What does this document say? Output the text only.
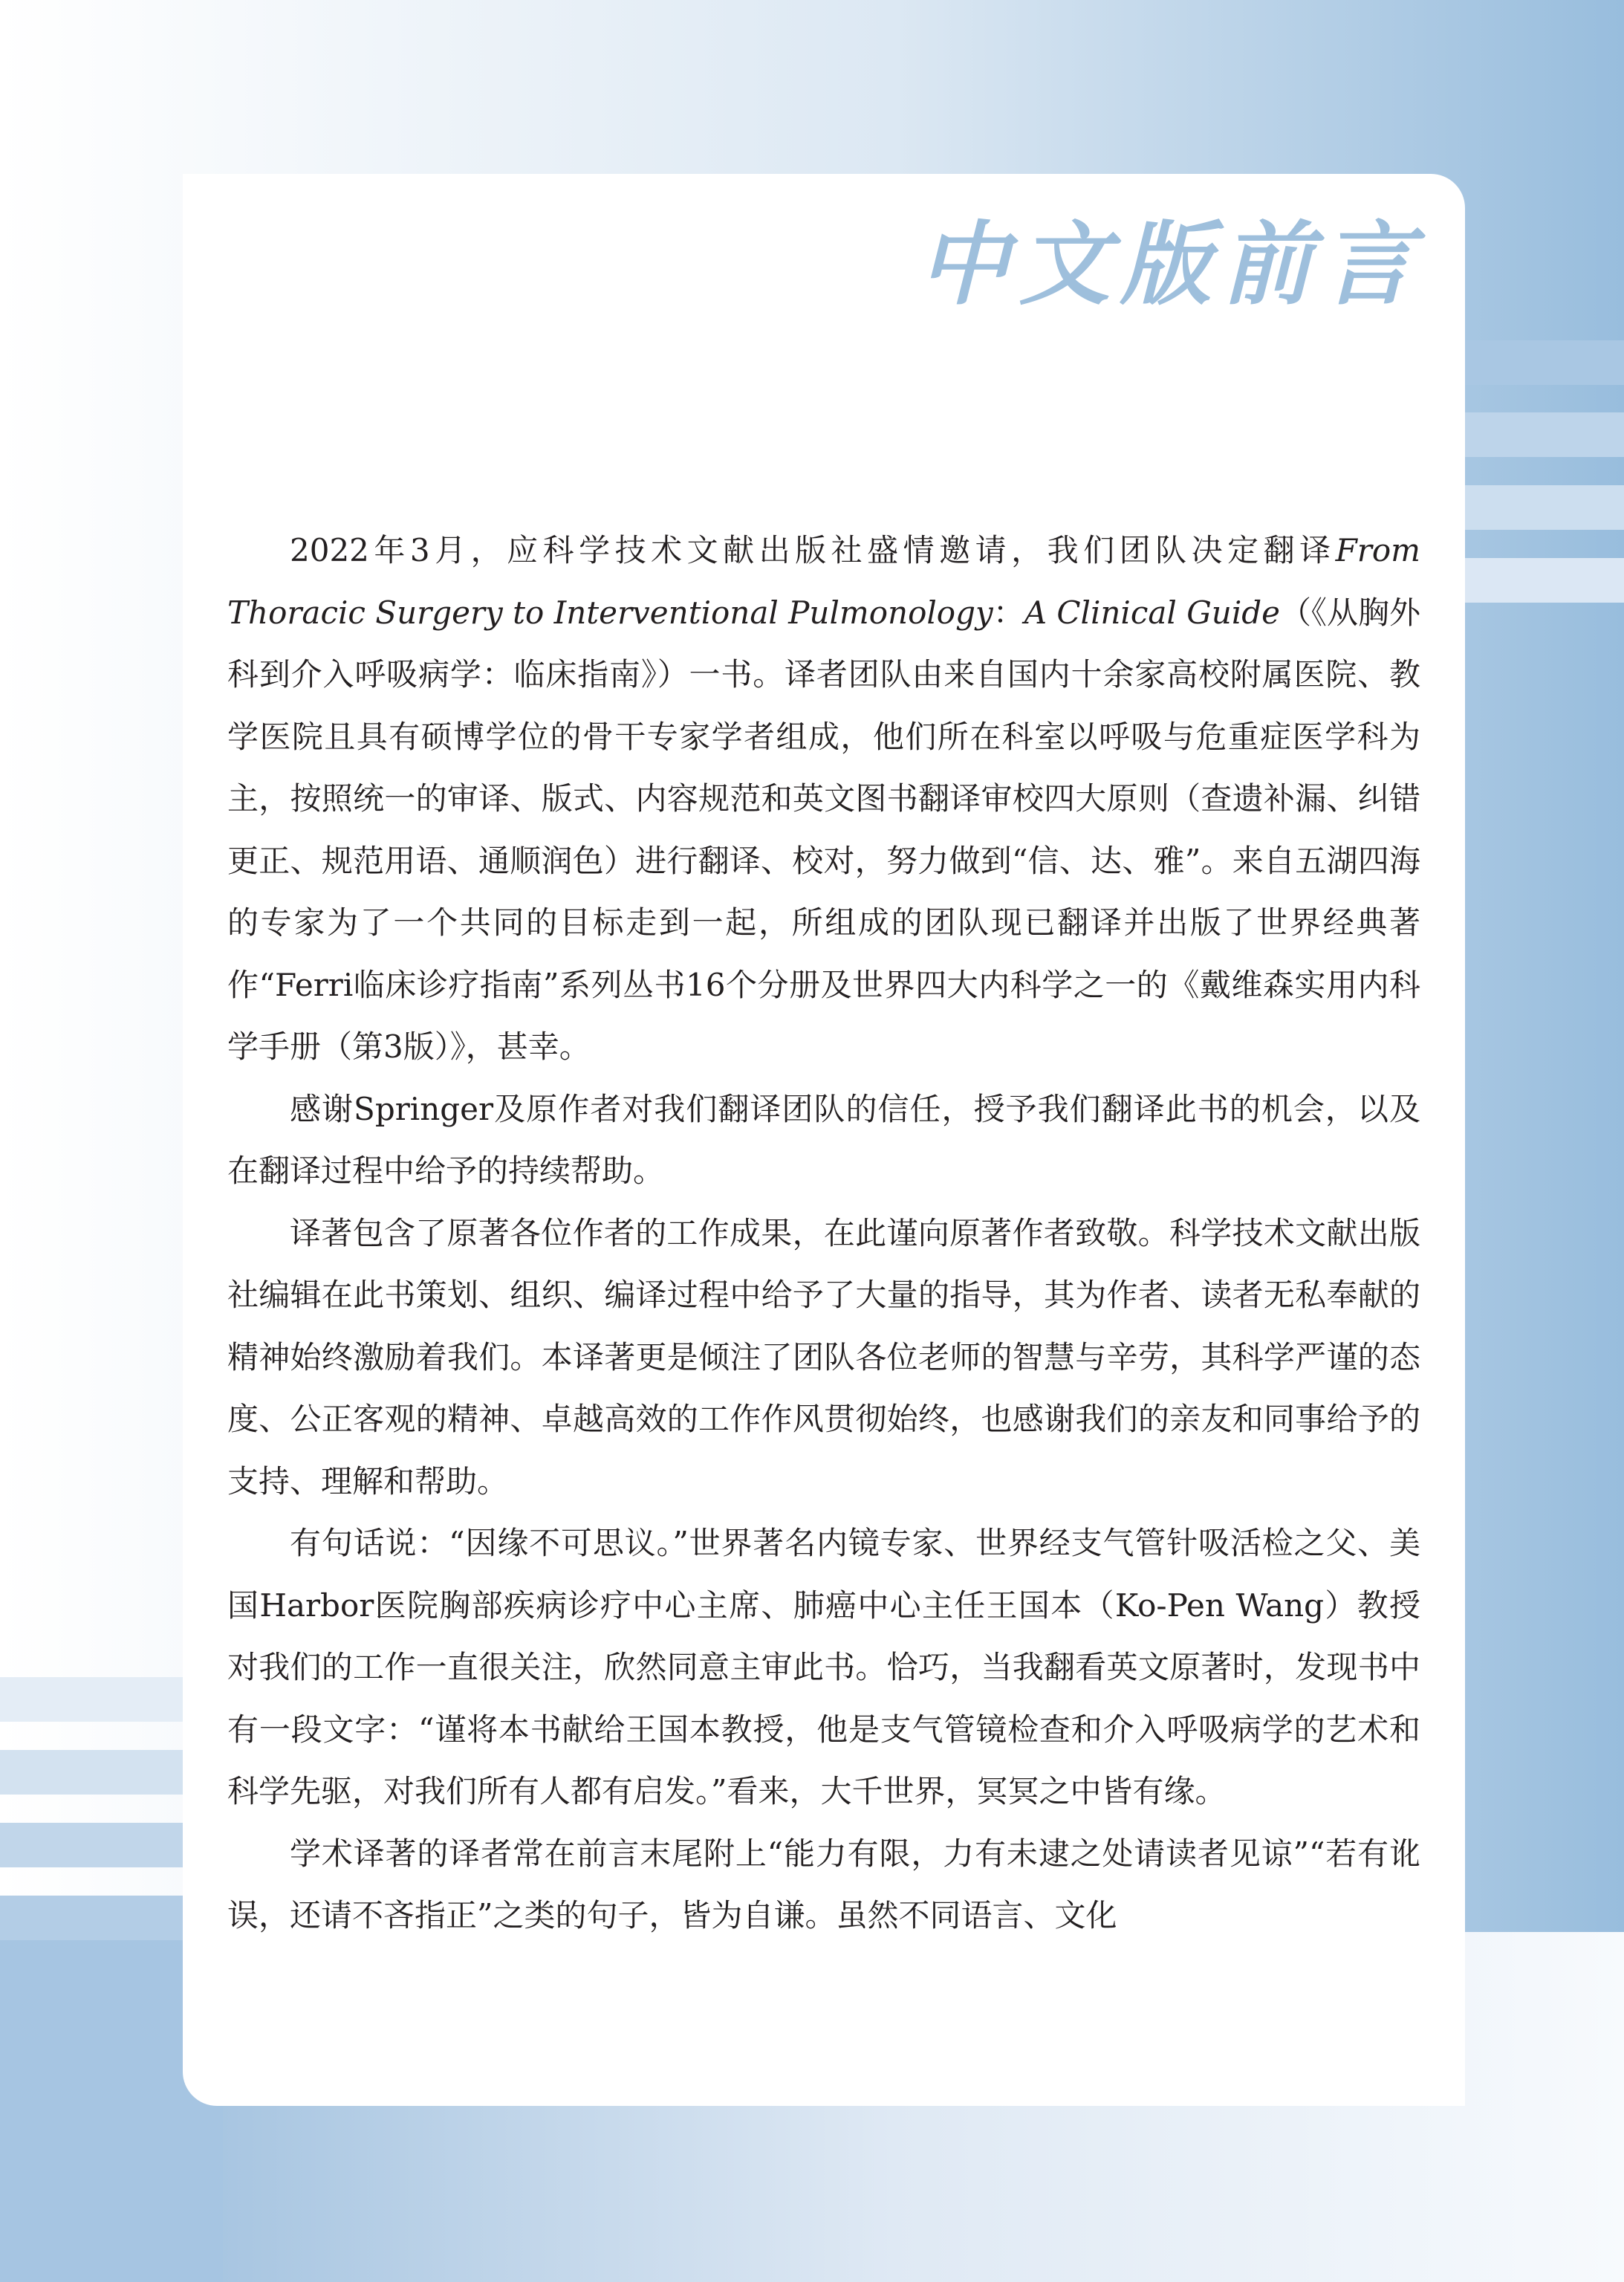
中文版前言

2022年3月，应科学技术文献出版社盛情邀请，我们团队决定翻译From Thoracic Surgery to Interventional Pulmonology：A Clinical Guide（《从胸外科到介入呼吸病学：临床指南》）一书。译者团队由来自国内十余家高校附属医院、教学医院且具有硕博学位的骨干专家学者组成，他们所在科室以呼吸与危重症医学科为主，按照统一的审译、版式、内容规范和英文图书翻译审校四大原则（查遗补漏、纠错更正、规范用语、通顺润色）进行翻译、校对，努力做到“信、达、雅”。来自五湖四海的专家为了一个共同的目标走到一起，所组成的团队现已翻译并出版了世界经典著作“Ferri临床诊疗指南”系列丛书16个分册及世界四大内科学之一的《戴维森实用内科学手册（第3版）》，甚幸。

感谢Springer及原作者对我们翻译团队的信任，授予我们翻译此书的机会，以及在翻译过程中给予的持续帮助。

译著包含了原著各位作者的工作成果，在此谨向原著作者致敬。科学技术文献出版社编辑在此书策划、组织、编译过程中给予了大量的指导，其为作者、读者无私奉献的精神始终激励着我们。本译著更是倾注了团队各位老师的智慧与辛劳，其科学严谨的态度、公正客观的精神、卓越高效的工作作风贯彻始终，也感谢我们的亲友和同事给予的支持、理解和帮助。

有句话说：“因缘不可思议。”世界著名内镜专家、世界经支气管针吸活检之父、美国Harbor医院胸部疾病诊疗中心主席、肺癌中心主任王国本（Ko-Pen Wang）教授对我们的工作一直很关注，欣然同意主审此书。恰巧，当我翻看英文原著时，发现书中有一段文字：“谨将本书献给王国本教授，他是支气管镜检查和介入呼吸病学的艺术和科学先驱，对我们所有人都有启发。”看来，大千世界，冥冥之中皆有缘。

学术译著的译者常在前言末尾附上“能力有限，力有未逮之处请读者见谅”“若有讹误，还请不吝指正”之类的句子，皆为自谦。虽然不同语言、文化
